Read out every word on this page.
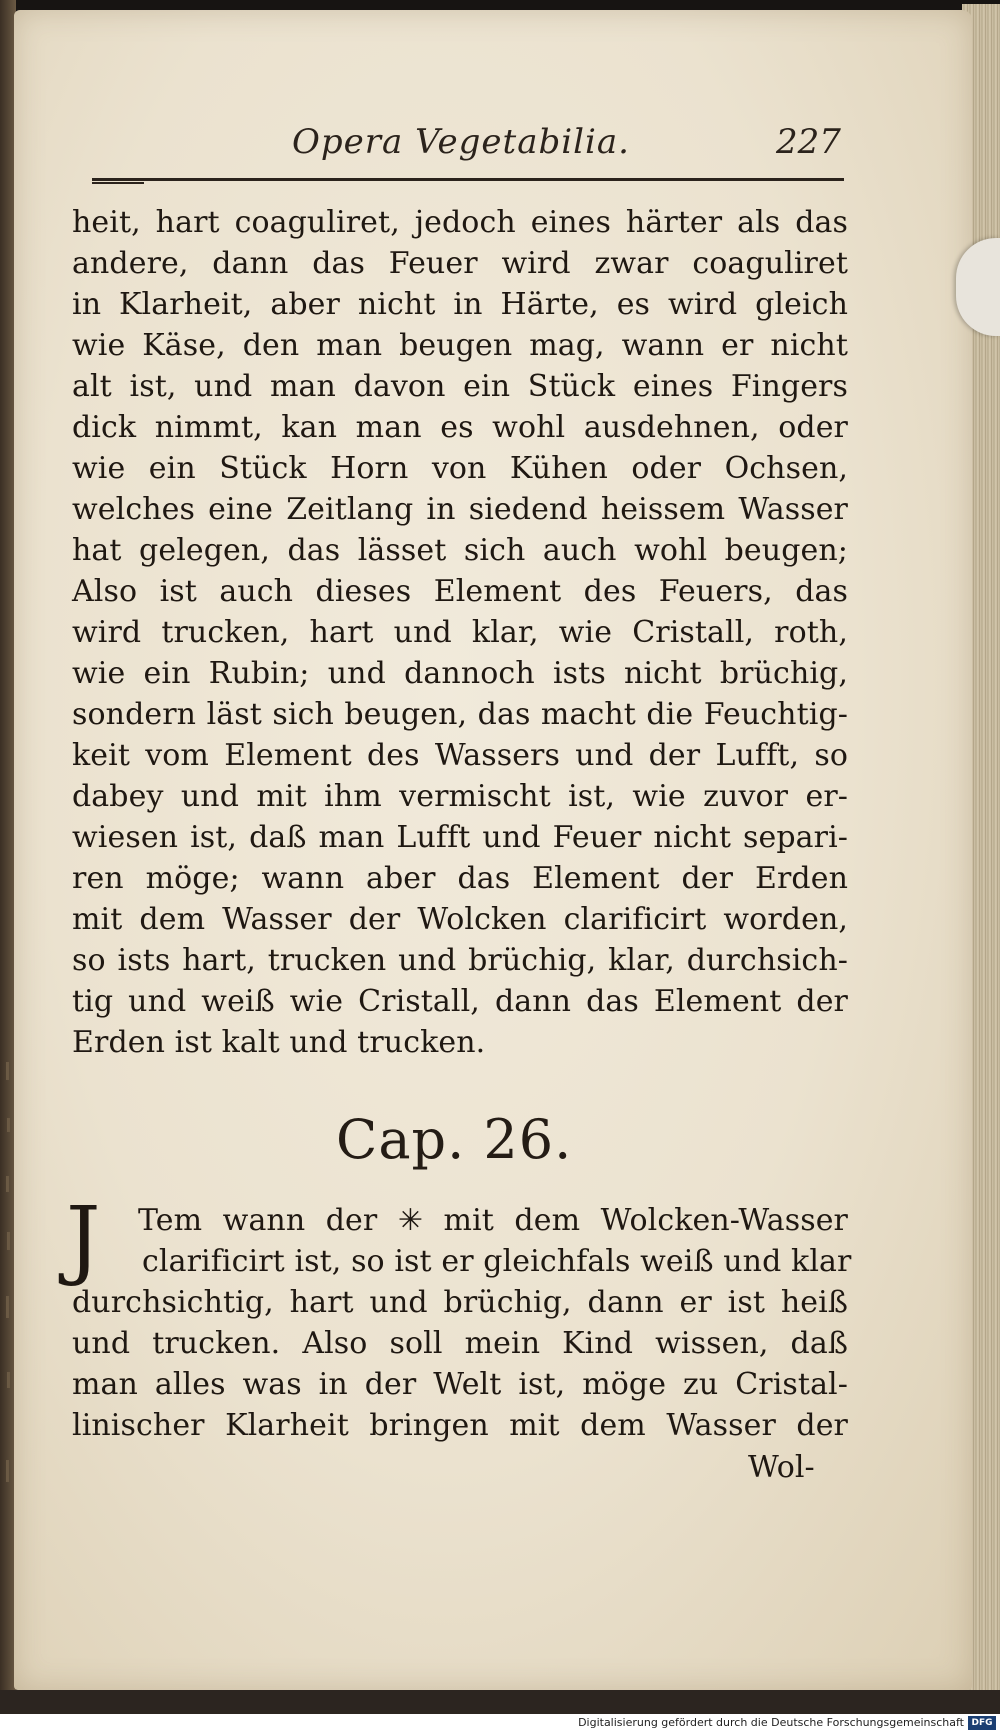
Opera Vegetabilia.	227
heit, hart coaguliret, jedoch eines härter als das
andere, dann das Feuer wird zwar coaguliret
in Klarheit, aber nicht in Härte, es wird gleich
wie Käse, den man beugen mag, wann er nicht
alt ist, und man davon ein Stück eines Fingers
dick nimmt, kan man es wohl ausdehnen, oder
wie ein Stück Horn von Kühen oder Ochsen,
welches eine Zeitlang in siedend heissem Wasser
hat gelegen, das lässet sich auch wohl beugen;
Also ist auch dieses Element des Feuers, das
wird trucken, hart und klar, wie Cristall, roth,
wie ein Rubin; und dannoch ists nicht brüchig,
sondern läst sich beugen, das macht die Feuchtig-
keit vom Element des Wassers und der Lufft, so
dabey und mit ihm vermischt ist, wie zuvor er-
wiesen ist, daß man Lufft und Feuer nicht separi-
ren möge; wann aber das Element der Erden
mit dem Wasser der Wolcken clarificirt worden,
so ists hart, trucken und brüchig, klar, durchsich-
tig und weiß wie Cristall, dann das Element der
Erden ist kalt und trucken.
Cap. 26.
J	Tem wann der ✳ mit dem Wolcken-Wasser
clarificirt ist, so ist er gleichfals weiß und klar
durchsichtig, hart und brüchig, dann er ist heiß
und trucken. Also soll mein Kind wissen, daß
man alles was in der Welt ist, möge zu Cristal-
linischer Klarheit bringen mit dem Wasser der
Wol-
Digitalisierung gefördert durch die Deutsche Forschungsgemeinschaft DFG
